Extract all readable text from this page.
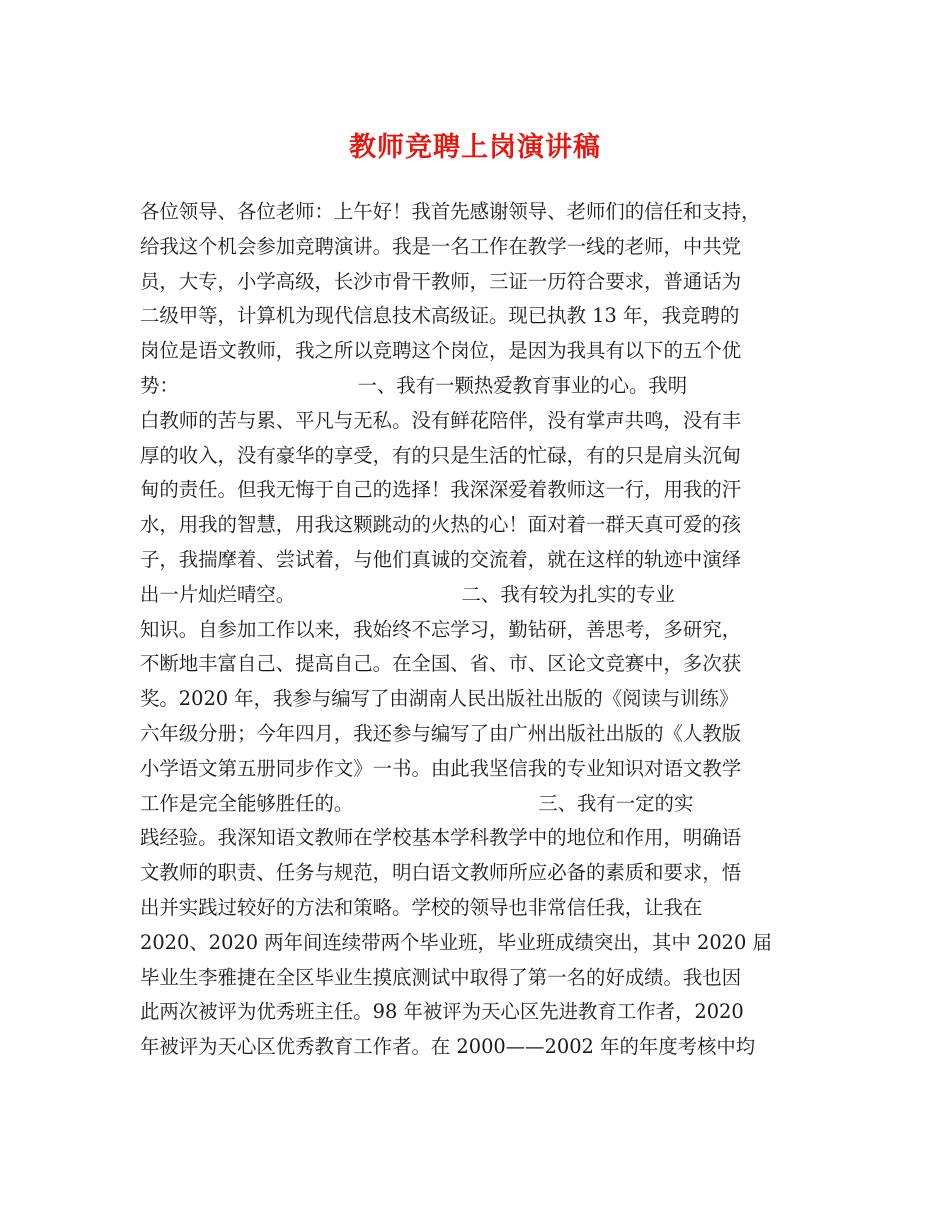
教师竞聘上岗演讲稿
各位领导、各位老师：上午好！我首先感谢领导、老师们的信任和支持，
给我这个机会参加竞聘演讲。我是一名工作在教学一线的老师，中共党
员，大专，小学高级，长沙市骨干教师，三证一历符合要求，普通话为
二级甲等，计算机为现代信息技术高级证。现已执教 13 年，我竞聘的
岗位是语文教师，我之所以竞聘这个岗位，是因为我具有以下的五个优
势：                             一、我有一颗热爱教育事业的心。我明
白教师的苦与累、平凡与无私。没有鲜花陪伴，没有掌声共鸣，没有丰
厚的收入，没有豪华的享受，有的只是生活的忙碌，有的只是肩头沉甸
甸的责任。但我无悔于自己的选择！我深深爱着教师这一行，用我的汗
水，用我的智慧，用我这颗跳动的火热的心！面对着一群天真可爱的孩
子，我揣摩着、尝试着，与他们真诚的交流着，就在这样的轨迹中演绎
出一片灿烂晴空。                           二、我有较为扎实的专业
知识。自参加工作以来，我始终不忘学习，勤钻研，善思考，多研究，
不断地丰富自己、提高自己。在全国、省、市、区论文竞赛中，多次获
奖。2020 年，我参与编写了由湖南人民出版社出版的《阅读与训练》
六年级分册；今年四月，我还参与编写了由广州出版社出版的《人教版
小学语文第五册同步作文》一书。由此我坚信我的专业知识对语文教学
工作是完全能够胜任的。                              三、我有一定的实
践经验。我深知语文教师在学校基本学科教学中的地位和作用，明确语
文教师的职责、任务与规范，明白语文教师所应必备的素质和要求，悟
出并实践过较好的方法和策略。学校的领导也非常信任我，让我在
2020、2020 两年间连续带两个毕业班，毕业班成绩突出，其中 2020 届
毕业生李雅捷在全区毕业生摸底测试中取得了第一名的好成绩。我也因
此两次被评为优秀班主任。98 年被评为天心区先进教育工作者，2020
年被评为天心区优秀教育工作者。在 2000——2002 年的年度考核中均
